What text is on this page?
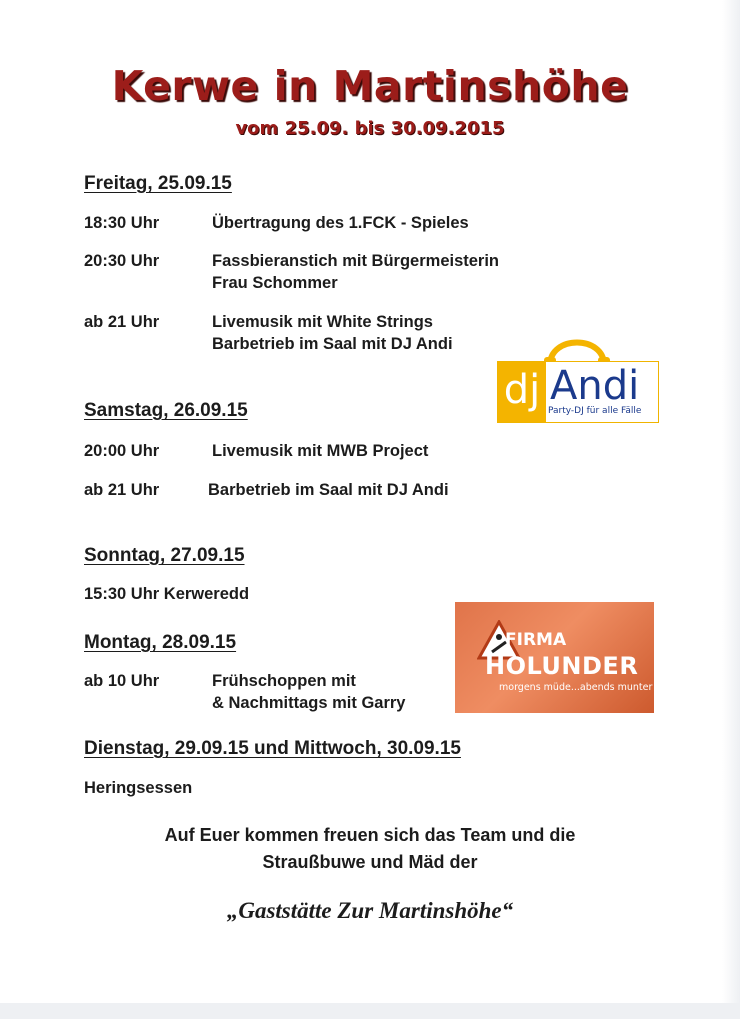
Kerwe in Martinshöhe
vom 25.09. bis 30.09.2015
Freitag, 25.09.15
18:30 Uhr	Übertragung des 1.FCK - Spieles
20:30 Uhr	Fassbieranstich mit Bürgermeisterin
Frau Schommer
ab 21 Uhr	Livemusik mit White Strings
Barbetrieb im Saal mit DJ Andi
dj Andi
Party-DJ für alle Fälle
Samstag, 26.09.15
20:00 Uhr	Livemusik mit MWB Project
ab 21 Uhr	Barbetrieb im Saal mit DJ Andi
Sonntag, 27.09.15
15:30 Uhr Kerweredd
Montag, 28.09.15
ab 10 Uhr	Frühschoppen mit
& Nachmittags mit Garry
FIRMA
HOLUNDER
morgens müde...abends munter
Dienstag, 29.09.15 und Mittwoch, 30.09.15
Heringsessen
Auf Euer kommen freuen sich das Team und die
Straußbuwe und Mäd der
„Gaststätte Zur Martinshöhe“
